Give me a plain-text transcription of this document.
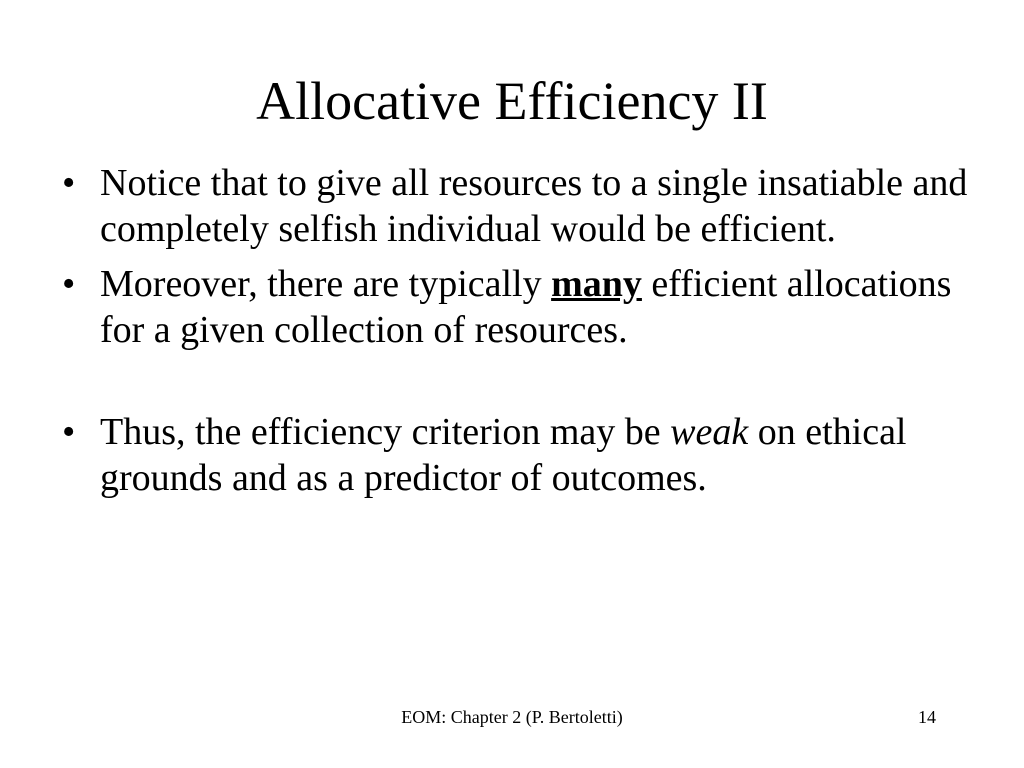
Allocative Efficiency II
• Notice that to give all resources to a single insatiable and completely selfish individual would be efficient.
• Moreover, there are typically many efficient allocations for a given collection of resources.
• Thus, the efficiency criterion may be weak on ethical grounds and as a predictor of outcomes.
EOM: Chapter 2 (P. Bertoletti)	14
